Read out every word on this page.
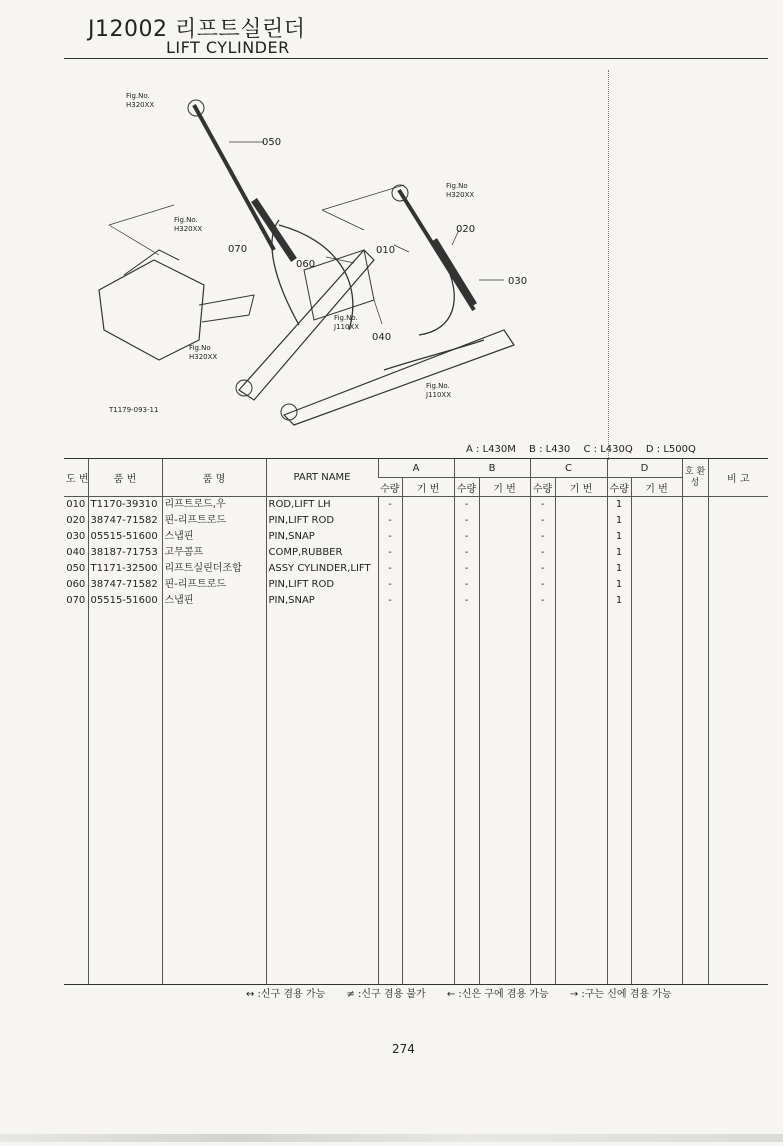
J12002 리프트실린더
LIFT CYLINDER
050
070
060
010
020
030
040
Fig.No.
H320XX
Fig.No.
H320XX
Fig.No
H320XX
Fig.No
H320XX
Fig.No.
J110XX
Fig.No.
J110XX
T1179-093-11
A : L430M B : L430 C : L430Q D : L500Q
도 번	품 번	품 명	PART NAME	A		B		C		D		호 환 성	비 고
				수량	기 번	수량	기 번	수량	기 번	수량	기 번		
010	T1170-39310	리프트로드,우	ROD,LIFT LH	-		-		-		1			
020	38747-71582	핀-리프트로드	PIN,LIFT ROD	-		-		-		1			
030	05515-51600	스냅핀	PIN,SNAP	-		-		-		1			
040	38187-71753	고무콤프	COMP,RUBBER	-		-		-		1			
050	T1171-32500	리프트실린더조합	ASSY CYLINDER,LIFT	-		-		-		1			
060	38747-71582	핀-리프트로드	PIN,LIFT ROD	-		-		-		1			
070	05515-51600	스냅핀	PIN,SNAP	-		-		-		1			

↔ :신구 겸용 가능 ≠ :신구 겸용 불가 ← :신은 구에 겸용 가능 → :구는 신에 겸용 가능
274
